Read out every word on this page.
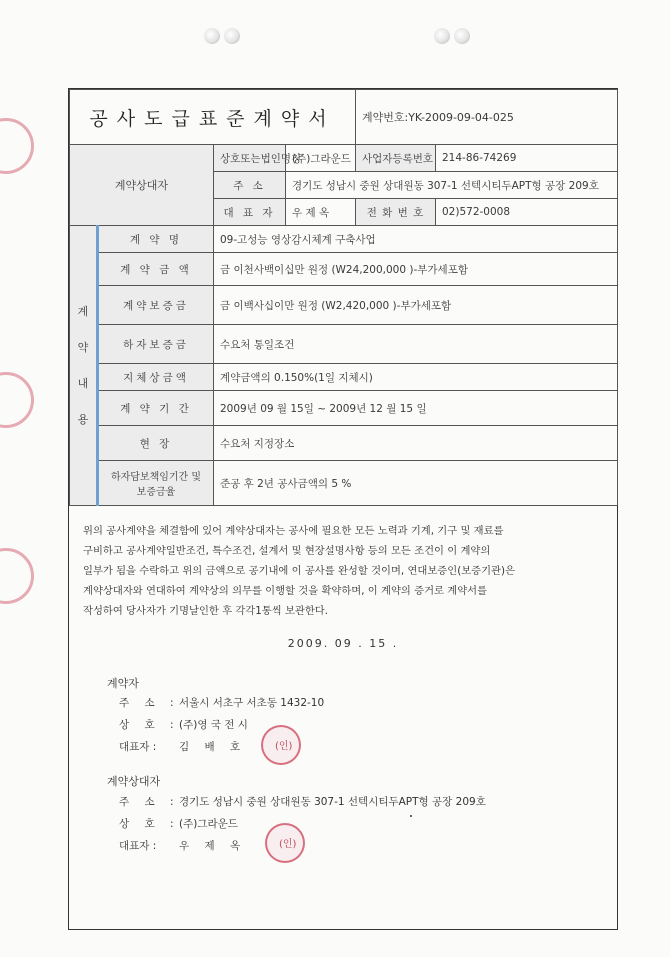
공사도급표준계약서				계약번호:YK-2009-09-04-025	
계약상대자		상호또는법인명칭	(주)그라운드	사업자등록번호	214-86-74269
		주 소	경기도 성남시 중원 상대원동 307-1 선텍시티두APT형 공장 209호		
		대 표 자	우 제 옥	전 화 번 호	02)572-0008
계약내용	계 약 명	09-고성능 영상감시체계 구축사업			
	계 약 금 액	금 이천사백이십만 원정 (W24,200,000 )-부가세포함			
	계약보증금	금 이백사십이만 원정 (W2,420,000 )-부가세포함			
	하자보증금	수요처 통일조건			
	지체상금액	계약금액의 0.150%(1일 지체시)			
	계 약 기 간	2009년 09 월 15일 ~ 2009년 12 월 15 일			
	현 장	수요처 지정장소			
	하자담보책임기간 및 보증금율	준공 후 2년 공사금액의 5 %			
위의 공사계약을 체결함에 있어 계약상대자는 공사에 필요한 모든 노력과 기계, 기구 및 재료를
구비하고 공사계약일반조건, 특수조건, 설계서 및 현장설명사항 등의 모든 조건이 이 계약의
일부가 됨을 수락하고 위의 금액으로 공기내에 이 공사를 완성할 것이며, 연대보증인(보증기관)은
계약상대자와 연대하여 계약상의 의무를 이행할 것을 확약하며, 이 계약의 증거로 계약서를
작성하여 당사자가 기명날인한 후 각각1통씩 보관한다.
2009. 09 . 15 .
계약자
주 소 : 서울시 서초구 서초동 1432-10
상 호 : (주)영 국 전 시
대표자 :	김 배 호	(인)
계약상대자
주 소 : 경기도 성남시 중원 상대원동 307-1 선텍시티두APT형 공장 209호
상 호 : (주)그라운드
대표자 :	우 제 옥	(인)
